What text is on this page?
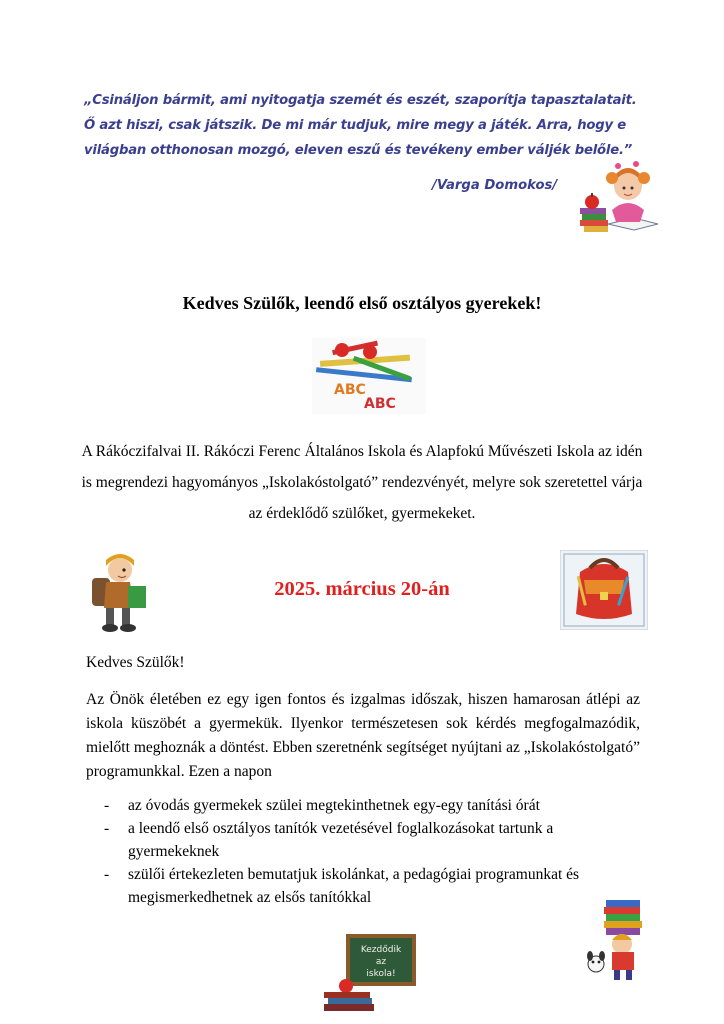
„Csináljon bármit, ami nyitogatja szemét és eszét, szaporítja tapasztalatait. Ő azt hiszi, csak játszik. De mi már tudjuk, mire megy a játék. Arra, hogy e világban otthonosan mozgó, eleven eszű és tevékeny ember váljék belőle.”
/Varga Domokos/
Kedves Szülők, leendő első osztályos gyerekek!
ABC
ABC
A Rákóczifalvai II. Rákóczi Ferenc Általános Iskola és Alapfokú Művészeti Iskola az idén is megrendezi hagyományos „Iskolakóstolgató” rendezvényét, melyre sok szeretettel várja az érdeklődő szülőket, gyermekeket.
2025. március 20-án
Kedves Szülők!
Az Önök életében ez egy igen fontos és izgalmas időszak, hiszen hamarosan átlépi az iskola küszöbét a gyermekük. Ilyenkor természetesen sok kérdés megfogalmazódik, mielőtt meghoznák a döntést. Ebben szeretnénk segítséget nyújtani az „Iskolakóstolgató” programunkkal. Ezen a napon
-	az óvodás gyermekek szülei megtekinthetnek egy-egy tanítási órát
-	a leendő első osztályos tanítók vezetésével foglalkozásokat tartunk a gyermekeknek
-	szülői értekezleten bemutatjuk iskolánkat, a pedagógiai programunkat és megismerkedhetnek az elsős tanítókkal
Kezdődik
az
iskola!
